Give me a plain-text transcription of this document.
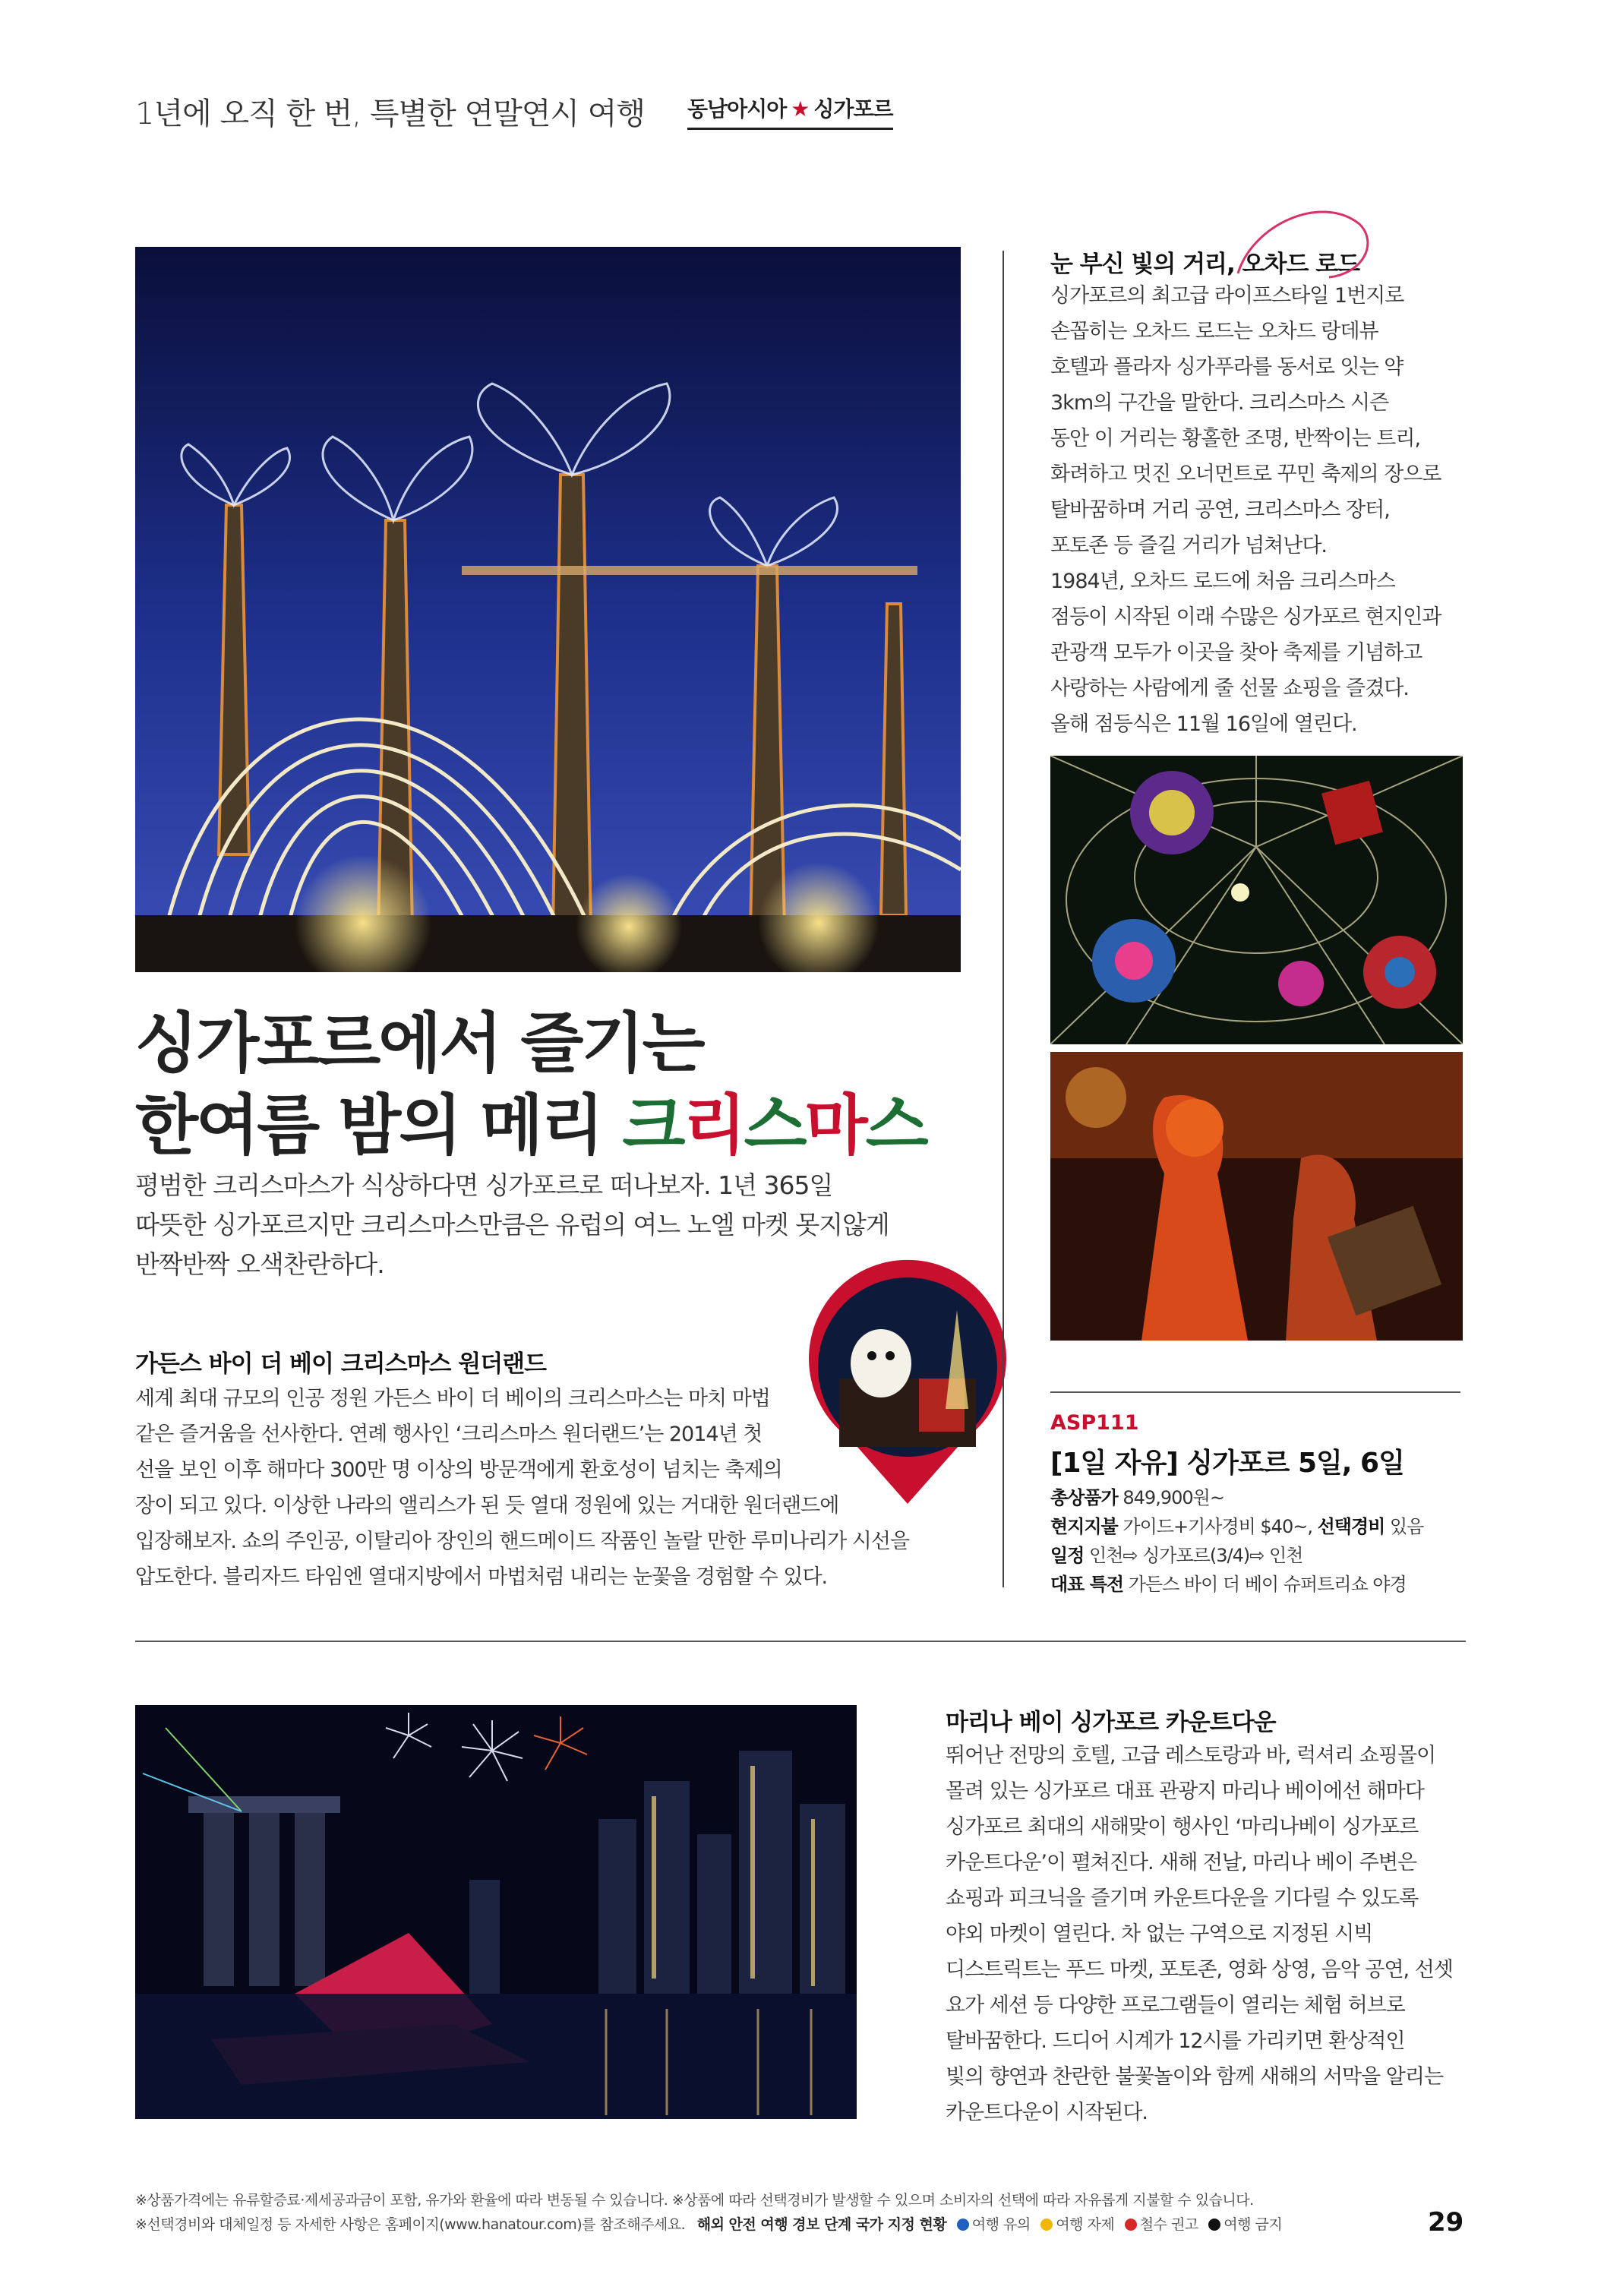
1년에 오직 한 번, 특별한 연말연시 여행 동남아시아 ★ 싱가포르
싱가포르에서 즐기는
한여름 밤의 메리 크리스마스
평범한 크리스마스가 식상하다면 싱가포르로 떠나보자. 1년 365일
따뜻한 싱가포르지만 크리스마스만큼은 유럽의 여느 노엘 마켓 못지않게
반짝반짝 오색찬란하다.
가든스 바이 더 베이 크리스마스 원더랜드
세계 최대 규모의 인공 정원 가든스 바이 더 베이의 크리스마스는 마치 마법
같은 즐거움을 선사한다. 연례 행사인 ‘크리스마스 원더랜드’는 2014년 첫
선을 보인 이후 해마다 300만 명 이상의 방문객에게 환호성이 넘치는 축제의
장이 되고 있다. 이상한 나라의 앨리스가 된 듯 열대 정원에 있는 거대한 원더랜드에
입장해보자. 쇼의 주인공, 이탈리아 장인의 핸드메이드 작품인 놀랄 만한 루미나리가 시선을
압도한다. 블리자드 타임엔 열대지방에서 마법처럼 내리는 눈꽃을 경험할 수 있다.
눈 부신 빛의 거리, 오차드 로드
싱가포르의 최고급 라이프스타일 1번지로
손꼽히는 오차드 로드는 오차드 랑데뷰
호텔과 플라자 싱가푸라를 동서로 잇는 약
3km의 구간을 말한다. 크리스마스 시즌
동안 이 거리는 황홀한 조명, 반짝이는 트리,
화려하고 멋진 오너먼트로 꾸민 축제의 장으로
탈바꿈하며 거리 공연, 크리스마스 장터,
포토존 등 즐길 거리가 넘쳐난다.
1984년, 오차드 로드에 처음 크리스마스
점등이 시작된 이래 수많은 싱가포르 현지인과
관광객 모두가 이곳을 찾아 축제를 기념하고
사랑하는 사람에게 줄 선물 쇼핑을 즐겼다.
올해 점등식은 11월 16일에 열린다.
ASP111
[1일 자유] 싱가포르 5일, 6일
총상품가 849,900원~
현지지불 가이드+기사경비 $40~, 선택경비 있음
일정 인천⇨ 싱가포르(3/4)⇨ 인천
대표 특전 가든스 바이 더 베이 슈퍼트리쇼 야경
마리나 베이 싱가포르 카운트다운
뛰어난 전망의 호텔, 고급 레스토랑과 바, 럭셔리 쇼핑몰이
몰려 있는 싱가포르 대표 관광지 마리나 베이에선 해마다
싱가포르 최대의 새해맞이 행사인 ‘마리나베이 싱가포르
카운트다운’이 펼쳐진다. 새해 전날, 마리나 베이 주변은
쇼핑과 피크닉을 즐기며 카운트다운을 기다릴 수 있도록
야외 마켓이 열린다. 차 없는 구역으로 지정된 시빅
디스트릭트는 푸드 마켓, 포토존, 영화 상영, 음악 공연, 선셋
요가 세션 등 다양한 프로그램들이 열리는 체험 허브로
탈바꿈한다. 드디어 시계가 12시를 가리키면 환상적인
빛의 향연과 찬란한 불꽃놀이와 함께 새해의 서막을 알리는
카운트다운이 시작된다.
※상품가격에는 유류할증료·제세공과금이 포함, 유가와 환율에 따라 변동될 수 있습니다. ※상품에 따라 선택경비가 발생할 수 있으며 소비자의 선택에 따라 자유롭게 지불할 수 있습니다.
※선택경비와 대체일정 등 자세한 사항은 홈페이지(www.hanatour.com)를 참조해주세요. 해외 안전 여행 경보 단계 국가 지정 현황 여행 유의 여행 자제 철수 권고 여행 금지	29
